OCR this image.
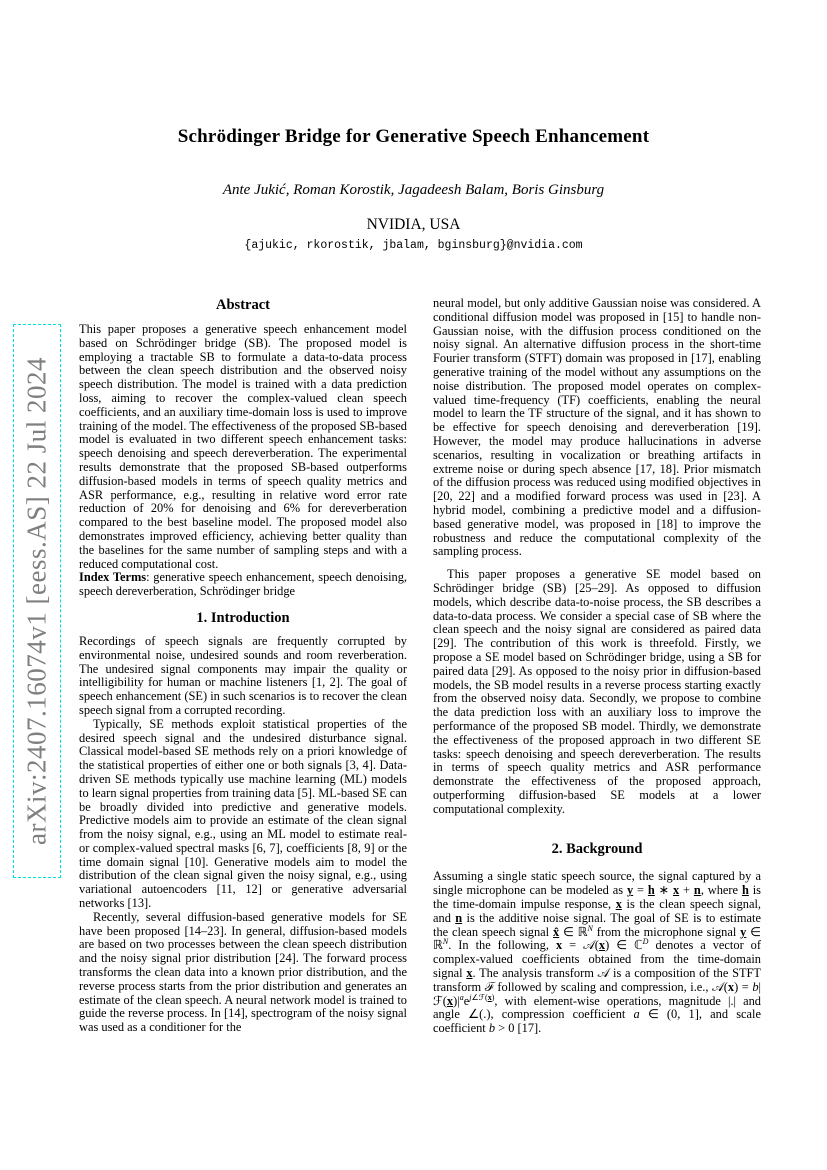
arXiv:2407.16074v1 [eess.AS] 22 Jul 2024
Schrödinger Bridge for Generative Speech Enhancement
Ante Jukić, Roman Korostik, Jagadeesh Balam, Boris Ginsburg
NVIDIA, USA
{ajukic, rkorostik, jbalam, bginsburg}@nvidia.com
Abstract

This paper proposes a generative speech enhancement model based on Schrödinger bridge (SB). The proposed model is employing a tractable SB to formulate a data-to-data process between the clean speech distribution and the observed noisy speech distribution. The model is trained with a data prediction loss, aiming to recover the complex-valued clean speech coefficients, and an auxiliary time-domain loss is used to improve training of the model. The effectiveness of the proposed SB-based model is evaluated in two different speech enhancement tasks: speech denoising and speech dereverberation. The experimental results demonstrate that the proposed SB-based outperforms diffusion-based models in terms of speech quality metrics and ASR performance, e.g., resulting in relative word error rate reduction of 20% for denoising and 6% for dereverberation compared to the best baseline model. The proposed model also demonstrates improved efficiency, achieving better quality than the baselines for the same number of sampling steps and with a reduced computational cost.

Index Terms: generative speech enhancement, speech denoising, speech dereverberation, Schrödinger bridge

1. Introduction

Recordings of speech signals are frequently corrupted by environmental noise, undesired sounds and room reverberation. The undesired signal components may impair the quality or intelligibility for human or machine listeners [1, 2]. The goal of speech enhancement (SE) in such scenarios is to recover the clean speech signal from a corrupted recording.

Typically, SE methods exploit statistical properties of the desired speech signal and the undesired disturbance signal. Classical model-based SE methods rely on a priori knowledge of the statistical properties of either one or both signals [3, 4]. Data-driven SE methods typically use machine learning (ML) models to learn signal properties from training data [5]. ML-based SE can be broadly divided into predictive and generative models. Predictive models aim to provide an estimate of the clean signal from the noisy signal, e.g., using an ML model to estimate real- or complex-valued spectral masks [6, 7], coefficients [8, 9] or the time domain signal [10]. Generative models aim to model the distribution of the clean signal given the noisy signal, e.g., using variational autoencoders [11, 12] or generative adversarial networks [13].

Recently, several diffusion-based generative models for SE have been proposed [14–23]. In general, diffusion-based models are based on two processes between the clean speech distribution and the noisy signal prior distribution [24]. The forward process transforms the clean data into a known prior distribution, and the reverse process starts from the prior distribution and generates an estimate of the clean speech. A neural network model is trained to guide the reverse process. In [14], spectrogram of the noisy signal was used as a conditioner for the

neural model, but only additive Gaussian noise was considered. A conditional diffusion model was proposed in [15] to handle non-Gaussian noise, with the diffusion process conditioned on the noisy signal. An alternative diffusion process in the short-time Fourier transform (STFT) domain was proposed in [17], enabling generative training of the model without any assumptions on the noise distribution. The proposed model operates on complex-valued time-frequency (TF) coefficients, enabling the neural model to learn the TF structure of the signal, and it has shown to be effective for speech denoising and dereverberation [19]. However, the model may produce hallucinations in adverse scenarios, resulting in vocalization or breathing artifacts in extreme noise or during spech absence [17, 18]. Prior mismatch of the diffusion process was reduced using modified objectives in [20, 22] and a modified forward process was used in [23]. A hybrid model, combining a predictive model and a diffusion-based generative model, was proposed in [18] to improve the robustness and reduce the computational complexity of the sampling process.

This paper proposes a generative SE model based on Schrödinger bridge (SB) [25–29]. As opposed to diffusion models, which describe data-to-noise process, the SB describes a data-to-data process. We consider a special case of SB where the clean speech and the noisy signal are considered as paired data [29]. The contribution of this work is threefold. Firstly, we propose a SE model based on Schrödinger bridge, using a SB for paired data [29]. As opposed to the noisy prior in diffusion-based models, the SB model results in a reverse process starting exactly from the observed noisy data. Secondly, we propose to combine the data prediction loss with an auxiliary loss to improve the performance of the proposed SB model. Thirdly, we demonstrate the effectiveness of the proposed approach in two different SE tasks: speech denoising and speech dereverberation. The results in terms of speech quality metrics and ASR performance demonstrate the effectiveness of the proposed approach, outperforming diffusion-based SE models at a lower computational complexity.

2. Background

Assuming a single static speech source, the signal captured by a single microphone can be modeled as y = h ∗ x + n, where h is the time-domain impulse response, x is the clean speech signal, and n is the additive noise signal. The goal of SE is to estimate the clean speech signal x̂ ∈ ℝ$^N$ from the microphone signal y ∈ ℝ$^N$. In the following, x = 𝒜(x) ∈ ℂ$^D$ denotes a vector of complex-valued coefficients obtained from the time-domain signal x. The analysis transform 𝒜 is a composition of the STFT transform ℱ followed by scaling and compression, i.e., 𝒜(x) = $b|ℱ(x)|^ae^{j\angle ℱ(x)}$, with element-wise operations, magnitude |.| and angle ∠(.), compression coefficient a ∈ (0, 1], and scale coefficient b > 0 [17].
